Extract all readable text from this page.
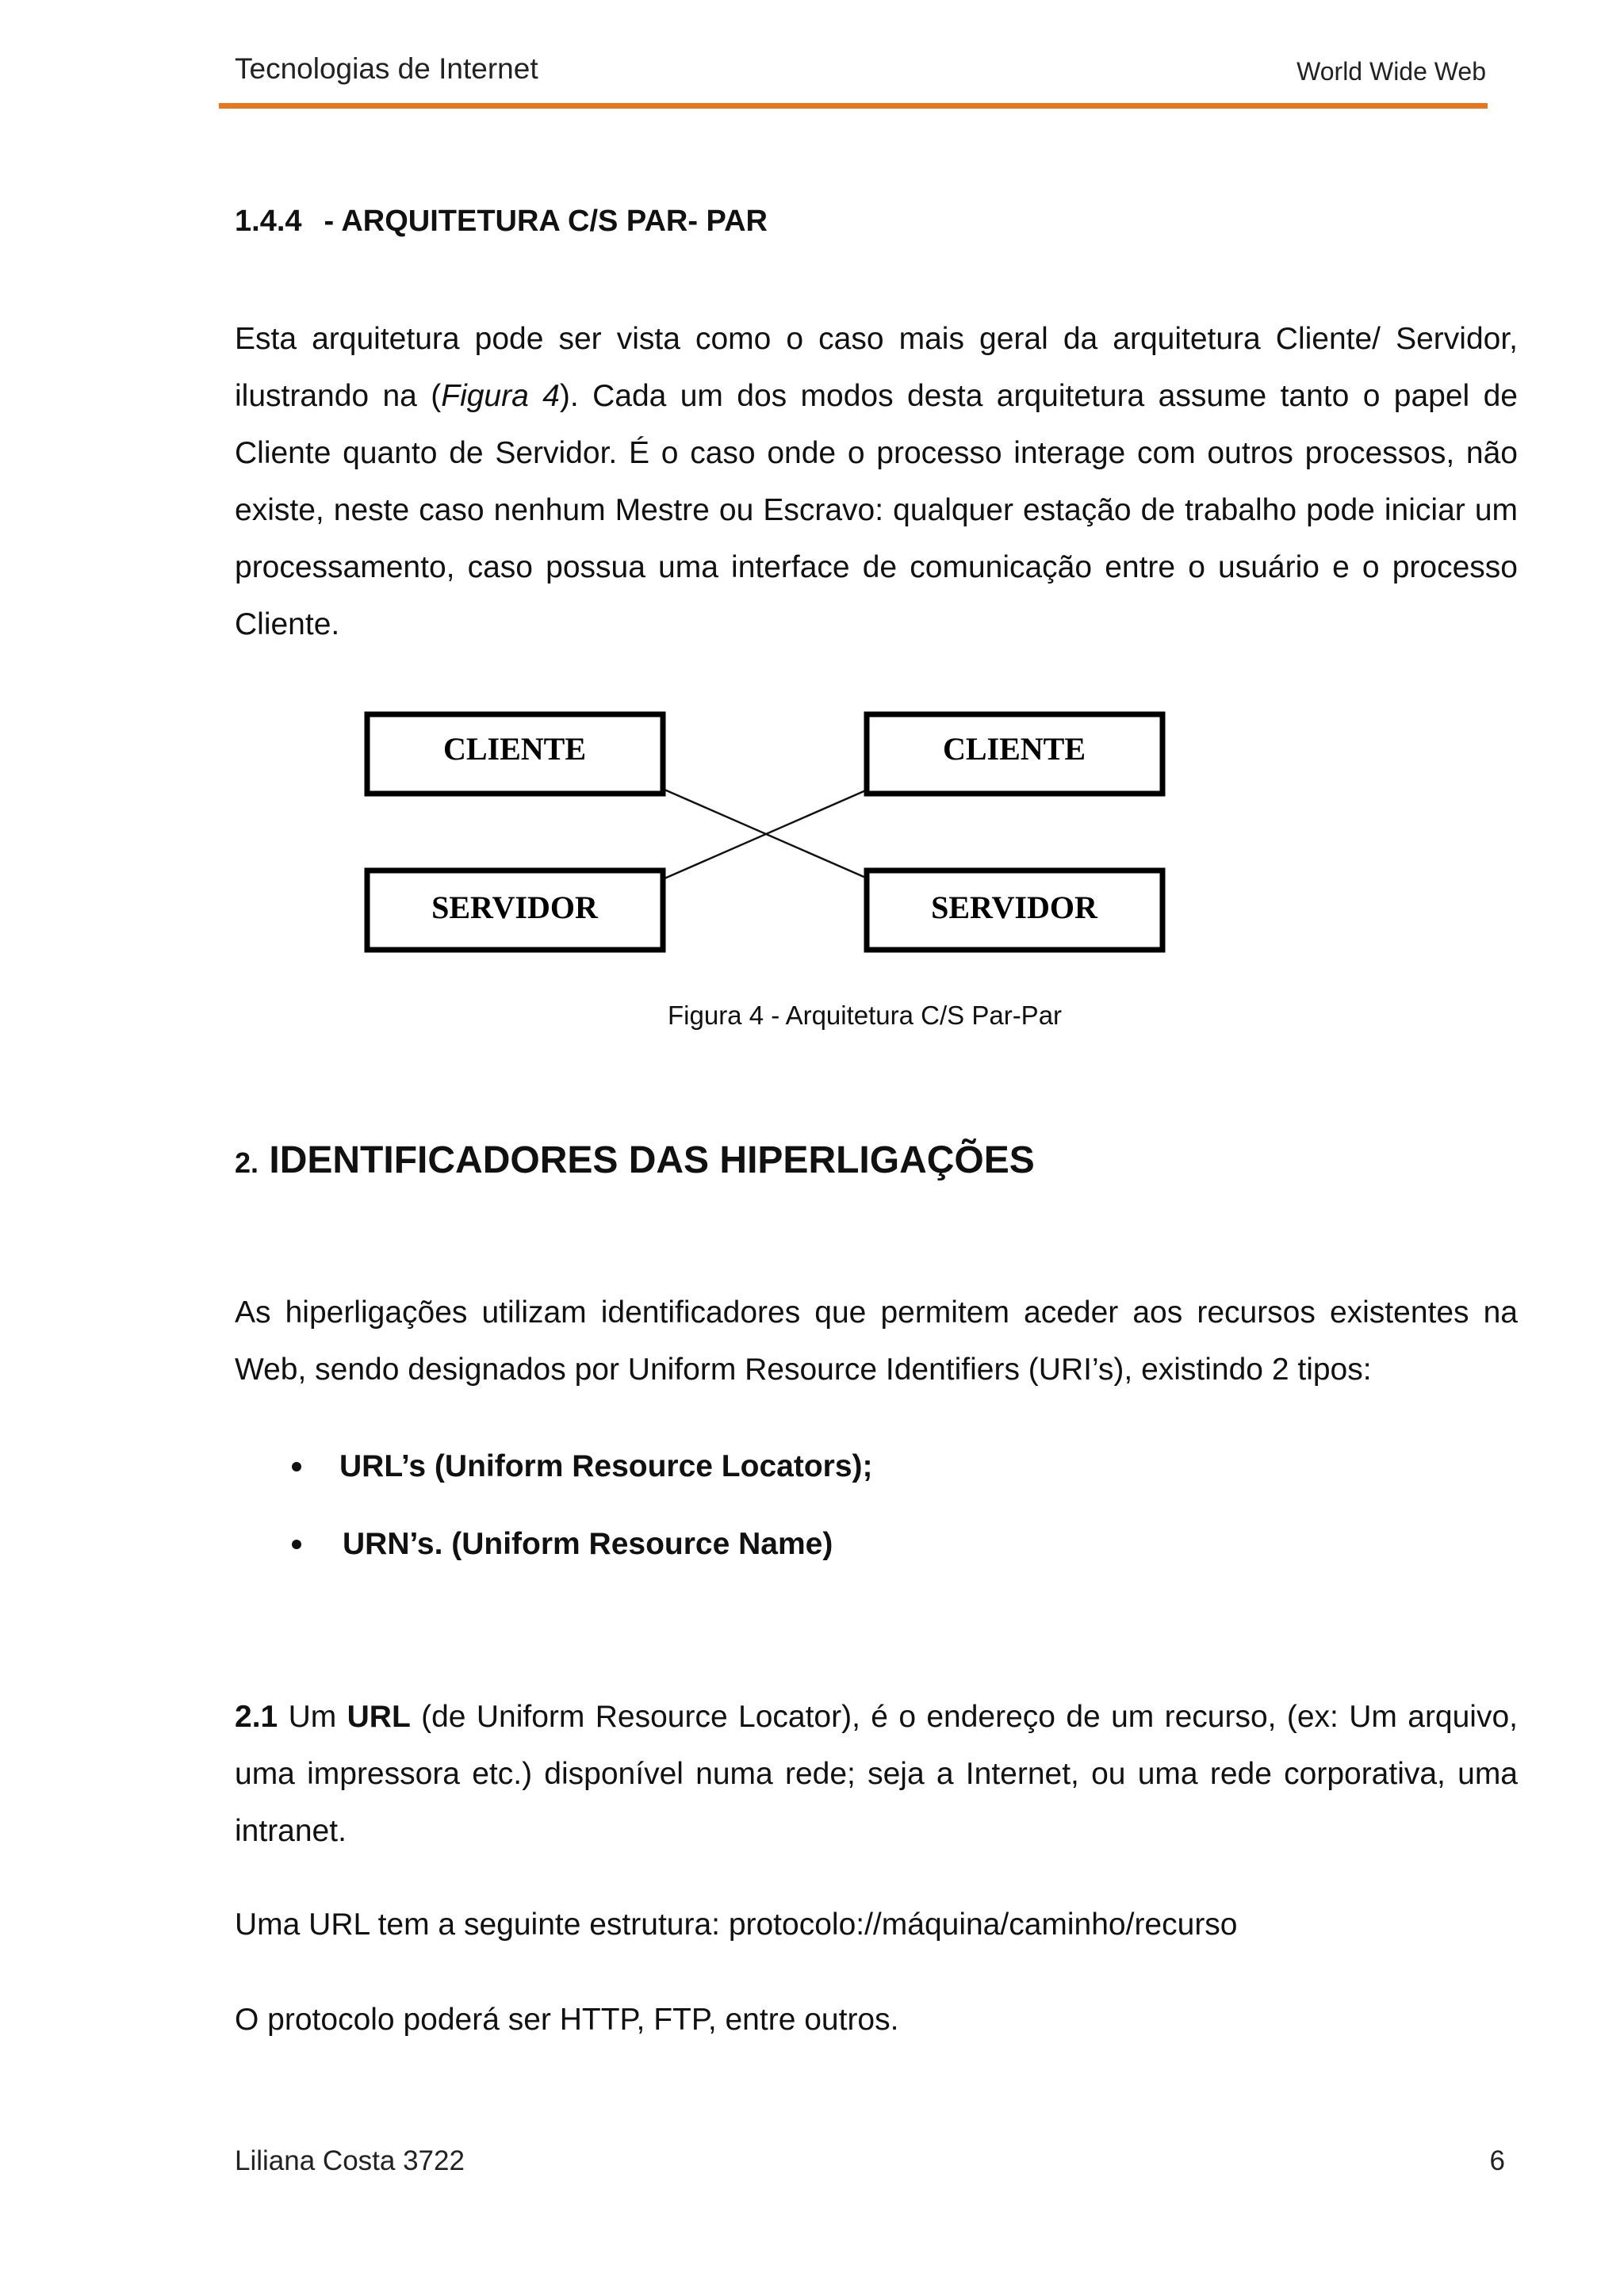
Tecnologias de Internet	World Wide Web
1.4.4 - ARQUITETURA C/S PAR- PAR

Esta arquitetura pode ser vista como o caso mais geral da arquitetura Cliente/ Servidor, ilustrando na (Figura 4). Cada um dos modos desta arquitetura assume tanto o papel de Cliente quanto de Servidor. É o caso onde o processo interage com outros processos, não existe, neste caso nenhum Mestre ou Escravo: qualquer estação de trabalho pode iniciar um processamento, caso possua uma interface de comunicação entre o usuário e o processo Cliente.

CLIENTE	CLIENTE
SERVIDOR	SERVIDOR
Figura 4 - Arquitetura C/S Par-Par
2. IDENTIFICADORES DAS HIPERLIGAÇÕES

As hiperligações utilizam identificadores que permitem aceder aos recursos existentes na Web, sendo designados por Uniform Resource Identifiers (URI’s), existindo 2 tipos:

URL’s (Uniform Resource Locators);
URN’s. (Uniform Resource Name)

2.1 Um URL (de Uniform Resource Locator), é o endereço de um recurso, (ex: Um arquivo, uma impressora etc.) disponível numa rede; seja a Internet, ou uma rede corporativa, uma intranet.

Uma URL tem a seguinte estrutura: protocolo://máquina/caminho/recurso

O protocolo poderá ser HTTP, FTP, entre outros.

Liliana Costa 3722	6
